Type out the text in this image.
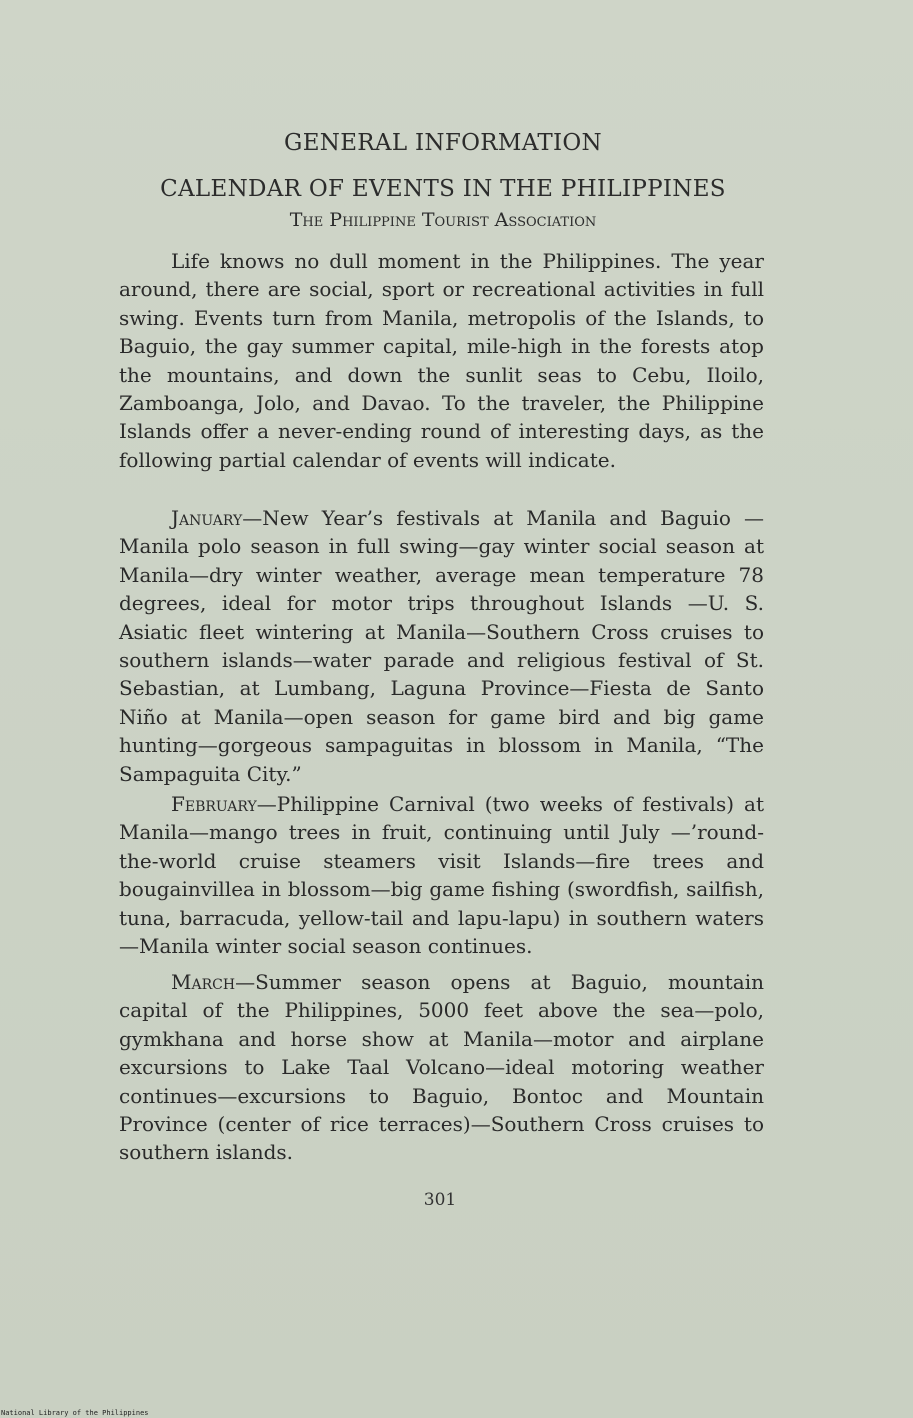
GENERAL INFORMATION
CALENDAR OF EVENTS IN THE PHILIPPINES
The Philippine Tourist Association

Life knows no dull moment in the Philippines. The year around, there are social, sport or recreational activities in full swing. Events turn from Manila, metropolis of the Islands, to Baguio, the gay summer capital, mile-high in the forests atop the mountains, and down the sunlit seas to Cebu, Iloilo, Zamboanga, Jolo, and Davao. To the traveler, the Philippine Islands offer a never-ending round of interesting days, as the following partial calendar of events will indicate.

January—New Year’s festivals at Manila and Baguio —Manila polo season in full swing—gay winter social season at Manila—dry winter weather, average mean temperature 78 degrees, ideal for motor trips throughout Islands —U. S. Asiatic fleet wintering at Manila—Southern Cross cruises to southern islands—water parade and religious festival of St. Sebastian, at Lumbang, Laguna Province—Fiesta de Santo Niño at Manila—open season for game bird and big game hunting—gorgeous sampaguitas in blossom in Manila, “The Sampaguita City.”

February—Philippine Carnival (two weeks of festivals) at Manila—mango trees in fruit, continuing until July —’round-the-world cruise steamers visit Islands—fire trees and bougainvillea in blossom—big game fishing (swordfish, sailfish, tuna, barracuda, yellow-tail and lapu-lapu) in southern waters—Manila winter social season continues.

March—Summer season opens at Baguio, mountain capital of the Philippines, 5000 feet above the sea—polo, gymkhana and horse show at Manila—motor and airplane excursions to Lake Taal Volcano—ideal motoring weather continues—excursions to Baguio, Bontoc and Mountain Province (center of rice terraces)—Southern Cross cruises to southern islands.

301
National Library of the Philippines
